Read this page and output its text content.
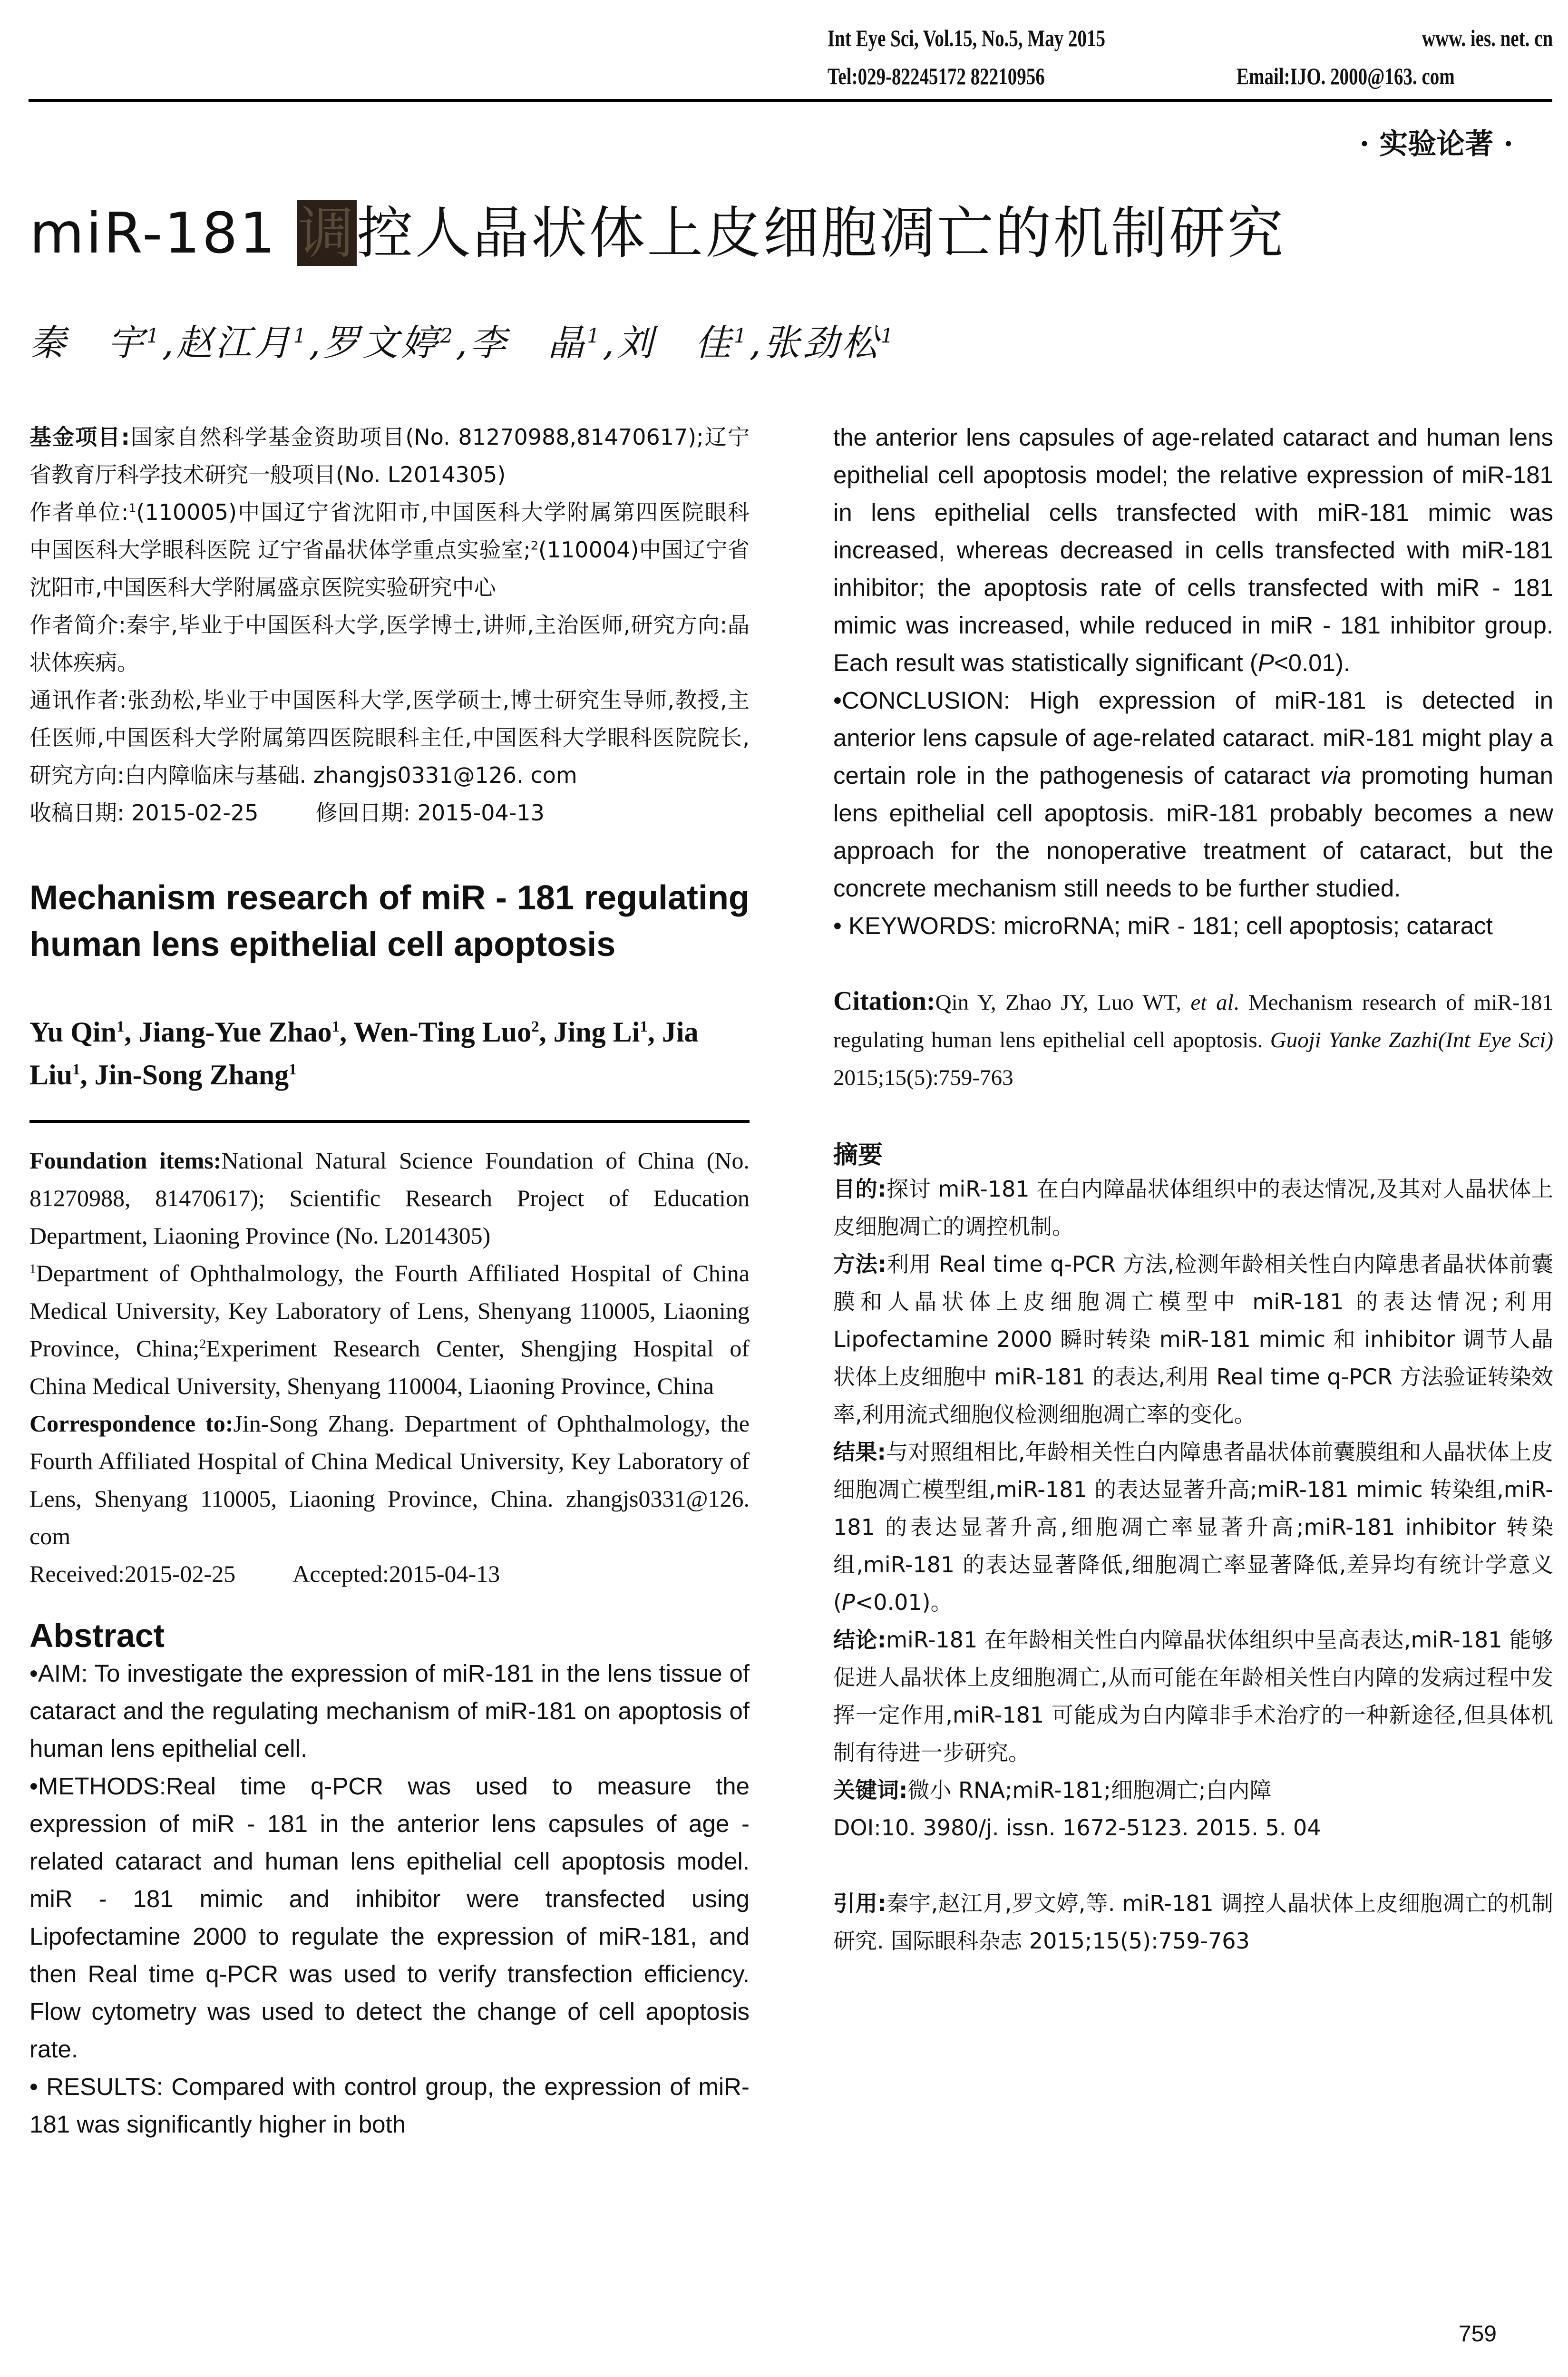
Int Eye Sci, Vol.15, No.5, May 2015	www. ies. net. cn
Tel:029-82245172 82210956	Email:IJO. 2000@163. com
· 实验论著 ·
miR-181 调控人晶状体上皮细胞凋亡的机制研究
秦　宇$^1$,赵江月$^1$,罗文婷$^2$,李　晶$^1$,刘　佳$^1$,张劲松$^1$

基金项目:国家自然科学基金资助项目(No. 81270988,81470617);辽宁省教育厅科学技术研究一般项目(No. L2014305)

作者单位:$^1$(110005)中国辽宁省沈阳市,中国医科大学附属第四医院眼科 中国医科大学眼科医院 辽宁省晶状体学重点实验室;$^2$(110004)中国辽宁省沈阳市,中国医科大学附属盛京医院实验研究中心

作者简介:秦宇,毕业于中国医科大学,医学博士,讲师,主治医师,研究方向:晶状体疾病。

通讯作者:张劲松,毕业于中国医科大学,医学硕士,博士研究生导师,教授,主任医师,中国医科大学附属第四医院眼科主任,中国医科大学眼科医院院长,研究方向:白内障临床与基础. zhangjs0331@126. com

收稿日期: 2015-02-25	修回日期: 2015-04-13

Mechanism research of miR - 181 regulating human lens epithelial cell apoptosis
Yu Qin$^1$, Jiang-Yue Zhao$^1$, Wen-Ting Luo$^2$, Jing Li$^1$, Jia Liu$^1$, Jin-Song Zhang$^1$

Foundation items:National Natural Science Foundation of China (No. 81270988, 81470617); Scientific Research Project of Education Department, Liaoning Province (No. L2014305)

$^1$Department of Ophthalmology, the Fourth Affiliated Hospital of China Medical University, Key Laboratory of Lens, Shenyang 110005, Liaoning Province, China;$^2$Experiment Research Center, Shengjing Hospital of China Medical University, Shenyang 110004, Liaoning Province, China

Correspondence to:Jin-Song Zhang. Department of Ophthalmology, the Fourth Affiliated Hospital of China Medical University, Key Laboratory of Lens, Shenyang 110005, Liaoning Province, China. zhangjs0331@126. com

Received:2015-02-25 Accepted:2015-04-13

Abstract

•AIM: To investigate the expression of miR-181 in the lens tissue of cataract and the regulating mechanism of miR-181 on apoptosis of human lens epithelial cell.

•METHODS:Real time q-PCR was used to measure the expression of miR - 181 in the anterior lens capsules of age - related cataract and human lens epithelial cell apoptosis model. miR - 181 mimic and inhibitor were transfected using Lipofectamine 2000 to regulate the expression of miR-181, and then Real time q-PCR was used to verify transfection efficiency. Flow cytometry was used to detect the change of cell apoptosis rate.

• RESULTS: Compared with control group, the expression of miR-181 was significantly higher in both

the anterior lens capsules of age-related cataract and human lens epithelial cell apoptosis model; the relative expression of miR-181 in lens epithelial cells transfected with miR-181 mimic was increased, whereas decreased in cells transfected with miR-181 inhibitor; the apoptosis rate of cells transfected with miR - 181 mimic was increased, while reduced in miR - 181 inhibitor group. Each result was statistically significant (P<0.01).

•CONCLUSION: High expression of miR-181 is detected in anterior lens capsule of age-related cataract. miR-181 might play a certain role in the pathogenesis of cataract via promoting human lens epithelial cell apoptosis. miR-181 probably becomes a new approach for the nonoperative treatment of cataract, but the concrete mechanism still needs to be further studied.

• KEYWORDS: microRNA; miR - 181; cell apoptosis; cataract

Citation:Qin Y, Zhao JY, Luo WT, et al. Mechanism research of miR-181 regulating human lens epithelial cell apoptosis. Guoji Yanke Zazhi(Int Eye Sci) 2015;15(5):759-763

摘要

目的:探讨 miR-181 在白内障晶状体组织中的表达情况,及其对人晶状体上皮细胞凋亡的调控机制。

方法:利用 Real time q-PCR 方法,检测年龄相关性白内障患者晶状体前囊膜和人晶状体上皮细胞凋亡模型中 miR-181 的表达情况;利用 Lipofectamine 2000 瞬时转染 miR-181 mimic 和 inhibitor 调节人晶状体上皮细胞中 miR-181 的表达,利用 Real time q-PCR 方法验证转染效率,利用流式细胞仪检测细胞凋亡率的变化。

结果:与对照组相比,年龄相关性白内障患者晶状体前囊膜组和人晶状体上皮细胞凋亡模型组,miR-181 的表达显著升高;miR-181 mimic 转染组,miR-181 的表达显著升高,细胞凋亡率显著升高;miR-181 inhibitor 转染组,miR-181 的表达显著降低,细胞凋亡率显著降低,差异均有统计学意义(P<0.01)。

结论:miR-181 在年龄相关性白内障晶状体组织中呈高表达,miR-181 能够促进人晶状体上皮细胞凋亡,从而可能在年龄相关性白内障的发病过程中发挥一定作用,miR-181 可能成为白内障非手术治疗的一种新途径,但具体机制有待进一步研究。

关键词:微小 RNA;miR-181;细胞凋亡;白内障

DOI:10. 3980/j. issn. 1672-5123. 2015. 5. 04

引用:秦宇,赵江月,罗文婷,等. miR-181 调控人晶状体上皮细胞凋亡的机制研究. 国际眼科杂志 2015;15(5):759-763

759
